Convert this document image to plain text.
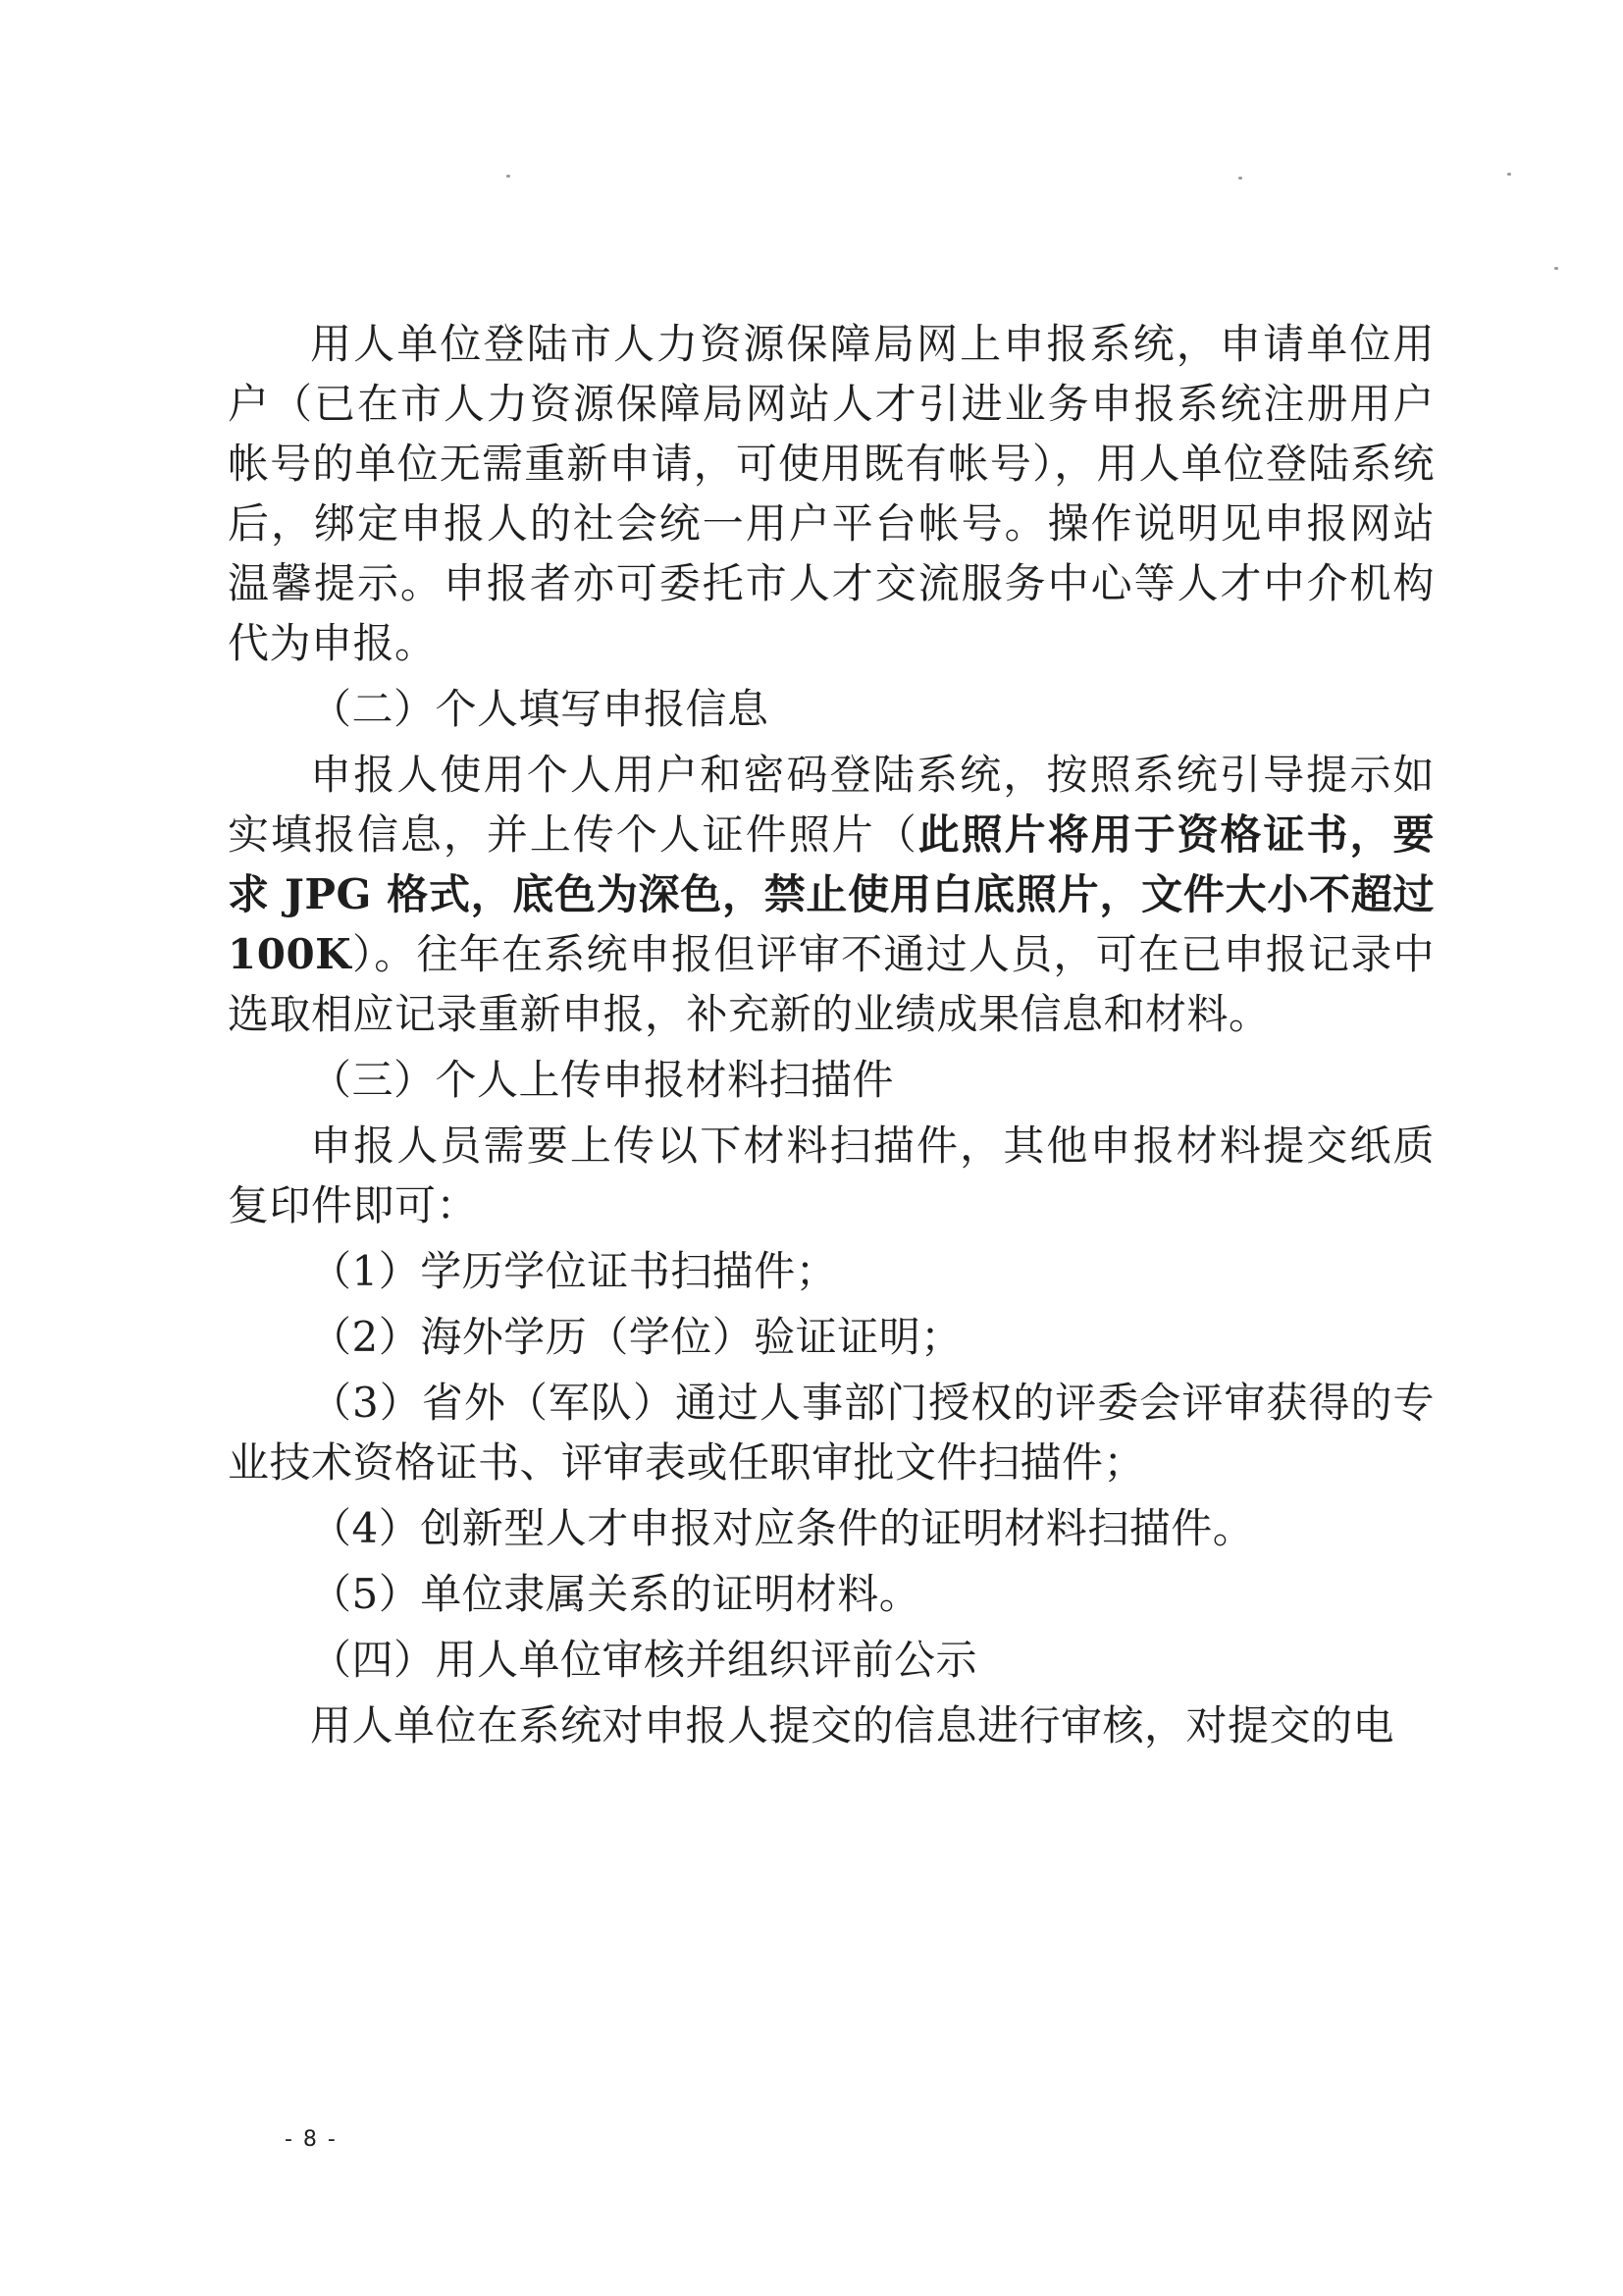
用人单位登陆市人力资源保障局网上申报系统，申请单位用户（已在市人力资源保障局网站人才引进业务申报系统注册用户帐号的单位无需重新申请，可使用既有帐号），用人单位登陆系统后，绑定申报人的社会统一用户平台帐号。操作说明见申报网站温馨提示。申报者亦可委托市人才交流服务中心等人才中介机构代为申报。

（二）个人填写申报信息

申报人使用个人用户和密码登陆系统，按照系统引导提示如实填报信息，并上传个人证件照片（此照片将用于资格证书，要求 JPG 格式，底色为深色，禁止使用白底照片，文件大小不超过 100K）。往年在系统申报但评审不通过人员，可在已申报记录中选取相应记录重新申报，补充新的业绩成果信息和材料。

（三）个人上传申报材料扫描件

申报人员需要上传以下材料扫描件，其他申报材料提交纸质复印件即可：

（1）学历学位证书扫描件；

（2）海外学历（学位）验证证明；

（3）省外（军队）通过人事部门授权的评委会评审获得的专业技术资格证书、评审表或任职审批文件扫描件；

（4）创新型人才申报对应条件的证明材料扫描件。

（5）单位隶属关系的证明材料。

（四）用人单位审核并组织评前公示

用人单位在系统对申报人提交的信息进行审核，对提交的电

- 8 -
